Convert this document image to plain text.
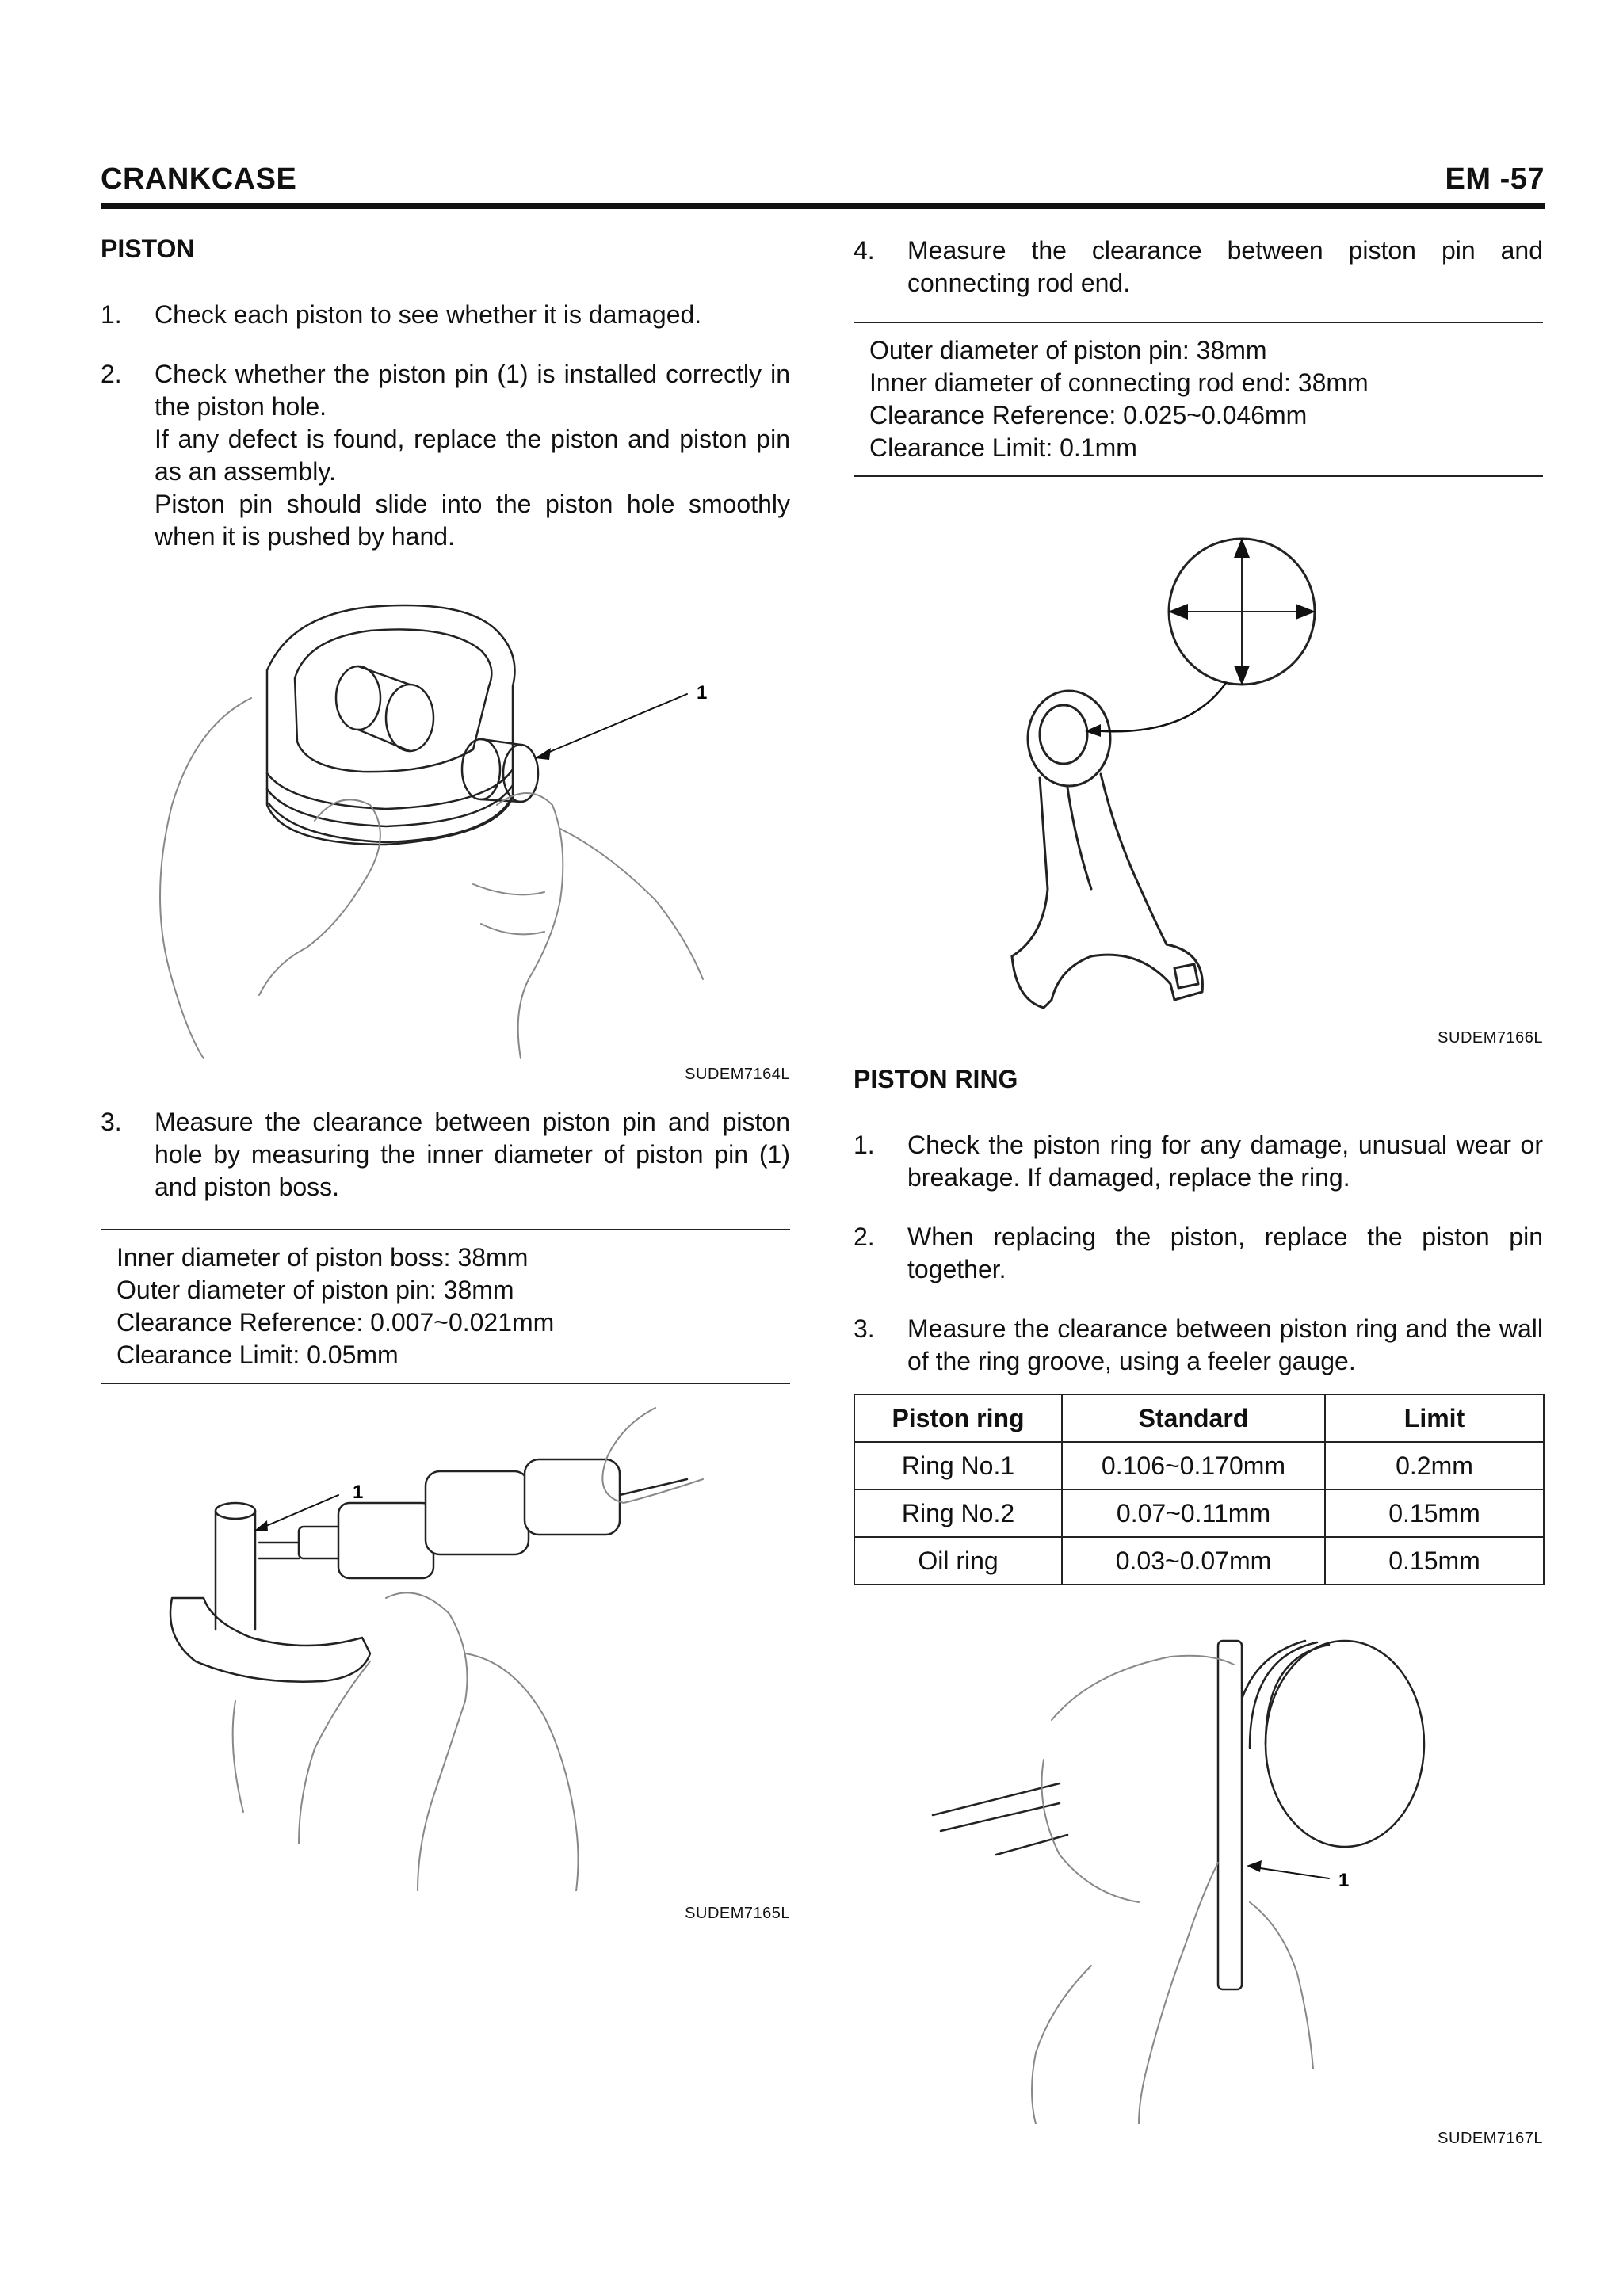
CRANKCASE	EM -57
PISTON
1.	Check each piston to see whether it is damaged.
2.	Check whether the piston pin (1) is installed correctly in the piston hole.

If any defect is found, replace the piston and piston pin as an assembly.

Piston pin should slide into the piston hole smoothly when it is pushed by hand.

1
SUDEM7164L
3.	Measure the clearance between piston pin and piston hole by measuring the inner diameter of piston pin (1) and piston boss.
Inner diameter of piston boss: 38mm
Outer diameter of piston pin: 38mm
Clearance Reference: 0.007~0.021mm
Clearance Limit: 0.05mm
1
SUDEM7165L
4.	Measure the clearance between piston pin and connecting rod end.
Outer diameter of piston pin: 38mm
Inner diameter of connecting rod end: 38mm
Clearance Reference: 0.025~0.046mm
Clearance Limit: 0.1mm
SUDEM7166L
PISTON RING
1.	Check the piston ring for any damage, unusual wear or breakage. If damaged, replace the ring.
2.	When replacing the piston, replace the piston pin together.
3.	Measure the clearance between piston ring and the wall of the ring groove, using a feeler gauge.
Piston ring	Standard	Limit
Ring No.1	0.106~0.170mm	0.2mm
Ring No.2	0.07~0.11mm	0.15mm
Oil ring	0.03~0.07mm	0.15mm
1
SUDEM7167L
